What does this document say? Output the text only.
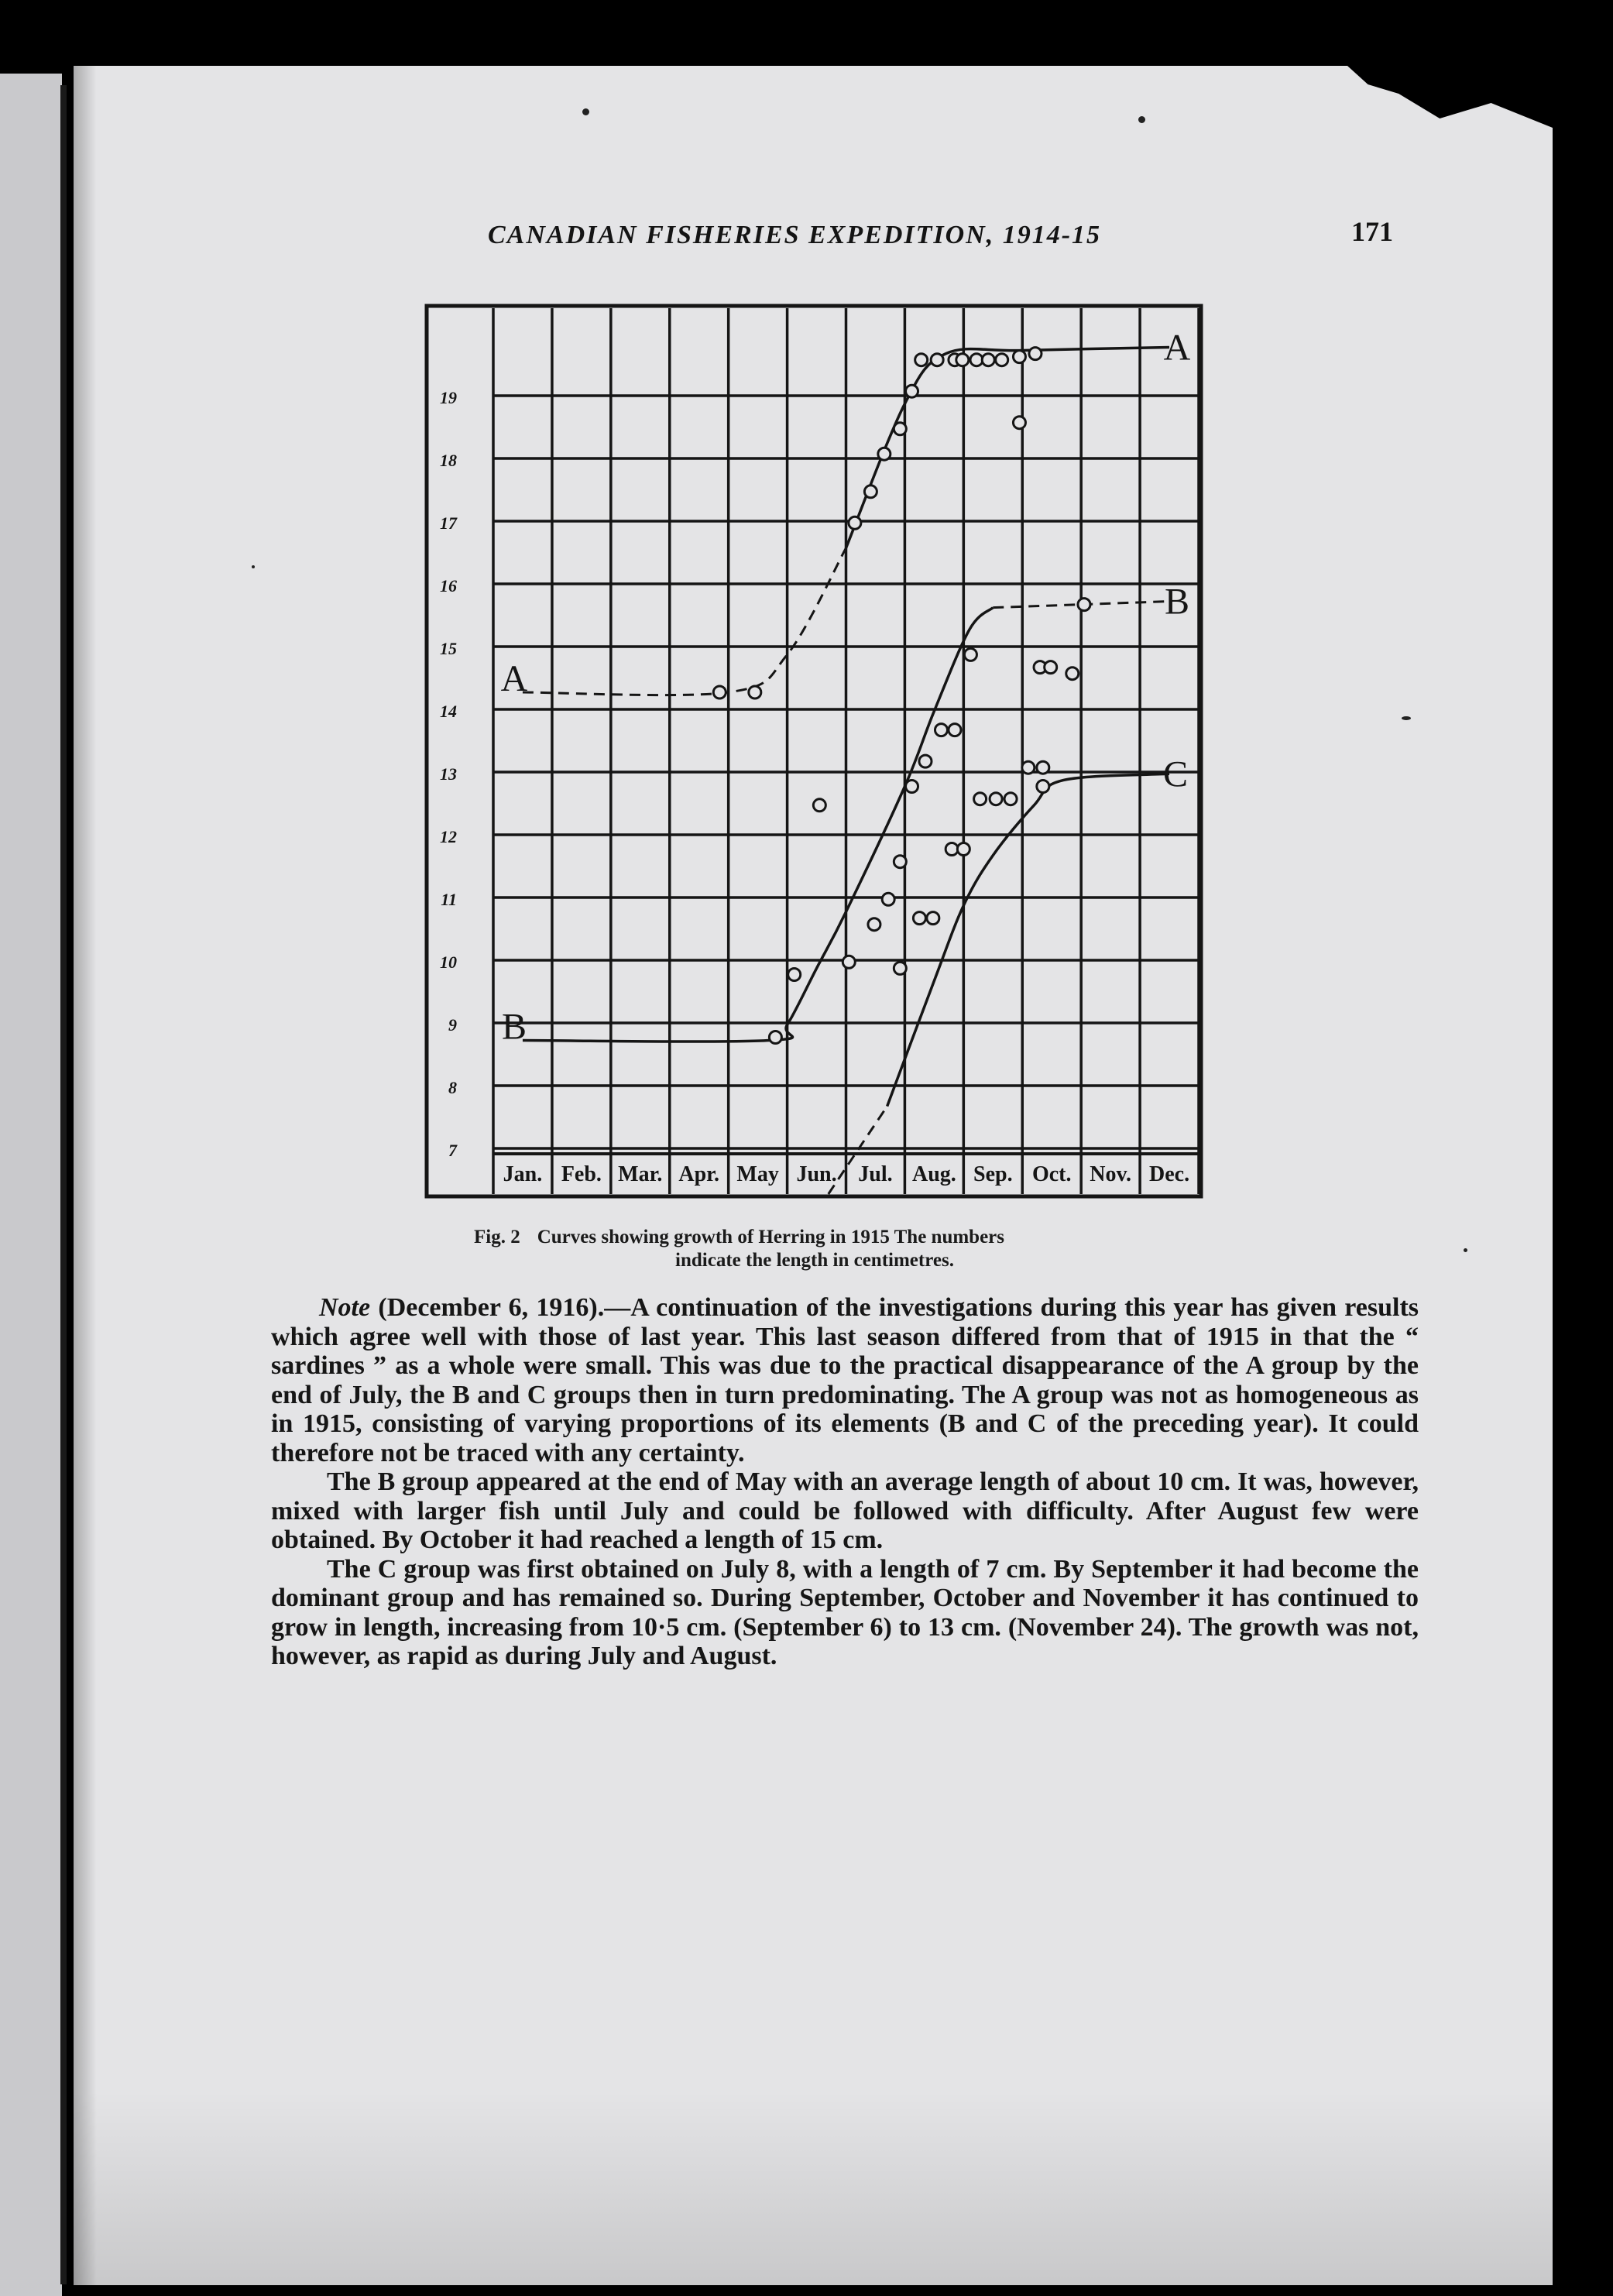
CANADIAN FISHERIES EXPEDITION, 1914-15	171
Jan. Feb. Mar. Apr. May Jun. Jul. Aug. Sep. Oct. Nov. Dec.
19
18
17
16
15
14
13
12
11
10
9
8
7
A
A
B
B
C
Fig. 2 Curves showing growth of Herring in 1915 The numbers
indicate the length in centimetres.

Note (December 6, 1916).—A continuation of the investigations during this year has given results which agree well with those of last year. This last season differed from that of 1915 in that the “ sardines ” as a whole were small. This was due to the practical disappearance of the A group by the end of July, the B and C groups then in turn predominating. The A group was not as homogeneous as in 1915, consisting of varying proportions of its elements (B and C of the preceding year). It could therefore not be traced with any certainty.

The B group appeared at the end of May with an average length of about 10 cm. It was, however, mixed with larger fish until July and could be followed with difficulty. After August few were obtained. By October it had reached a length of 15 cm.

The C group was first obtained on July 8, with a length of 7 cm. By September it had become the dominant group and has remained so. During September, October and November it has continued to grow in length, increasing from 10·5 cm. (September 6) to 13 cm. (November 24). The growth was not, however, as rapid as during July and August.
